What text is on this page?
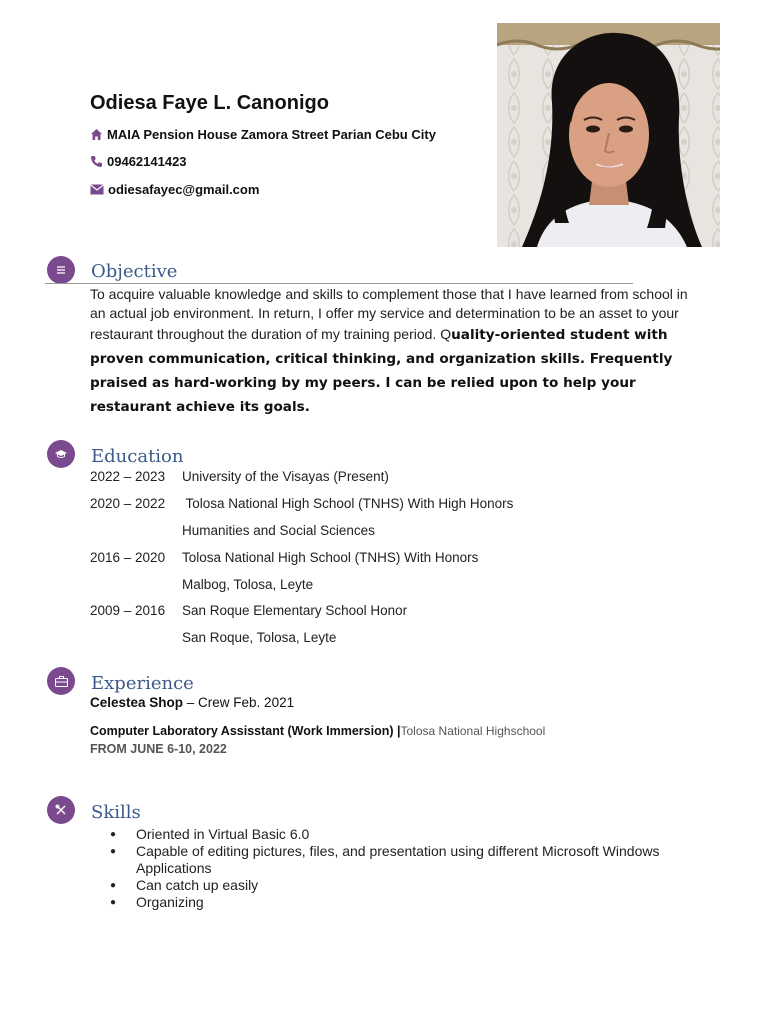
Odiesa Faye L. Canonigo
MAIA Pension House Zamora Street Parian Cebu City
09462141423
odiesafayec@gmail.com
Objective
To acquire valuable knowledge and skills to complement those that I have learned from school in an actual job environment. In return, I offer my service and determination to be an asset to your restaurant throughout the duration of my training period. Quality-oriented student with proven communication, critical thinking, and organization skills. Frequently praised as hard-working by my peers. I can be relied upon to help your restaurant achieve its goals.
Education
2022 – 2023 University of the Visayas (Present)
2020 – 2022 Tolosa National High School (TNHS) With High Honors
Humanities and Social Sciences
2016 – 2020 Tolosa National High School (TNHS) With Honors
Malbog, Tolosa, Leyte
2009 – 2016 San Roque Elementary School Honor
San Roque, Tolosa, Leyte
Experience
Celestea Shop – Crew Feb. 2021
Computer Laboratory Assisstant (Work Immersion) |Tolosa National Highschool
FROM JUNE 6-10, 2022
Skills
● Oriented in Virtual Basic 6.0
● Capable of editing pictures, files, and presentation using different Microsoft Windows Applications
● Can catch up easily
● Organizing
